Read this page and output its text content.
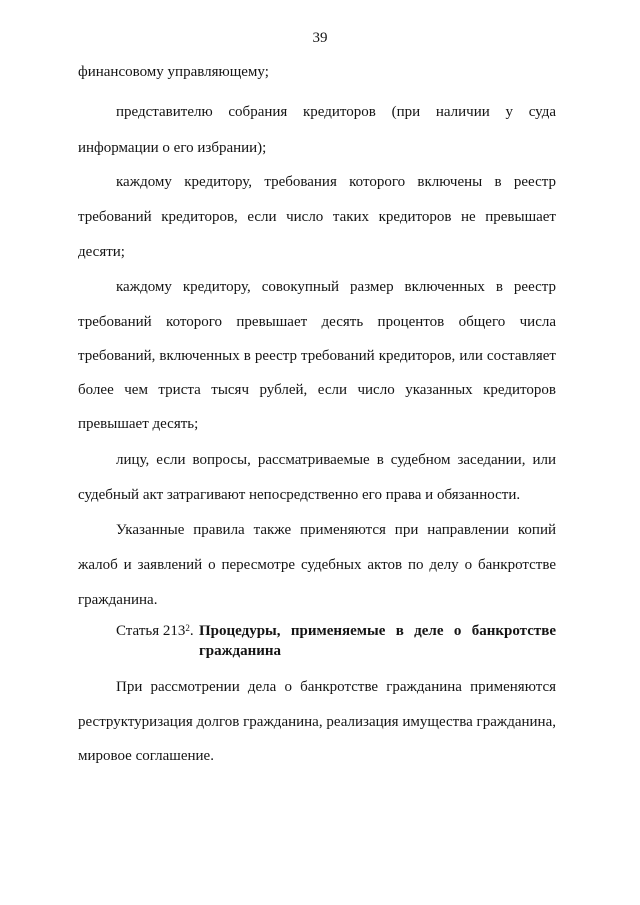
39
финансовому управляющему;
представителю собрания кредиторов (при наличии у суда
информации о его избрании);
каждому кредитору, требования которого включены в реестр
требований кредиторов, если число таких кредиторов не превышает
десяти;
каждому кредитору, совокупный размер включенных в реестр
требований которого превышает десять процентов общего числа
требований, включенных в реестр требований кредиторов, или составляет
более чем триста тысяч рублей, если число указанных кредиторов
превышает десять;
лицу, если вопросы, рассматриваемые в судебном заседании, или
судебный акт затрагивают непосредственно его права и обязанности.
Указанные правила также применяются при направлении копий
жалоб и заявлений о пересмотре судебных актов по делу о банкротстве
гражданина.
Статья $213^2$. Процедуры, применяемые в деле о банкротстве
гражданина
При рассмотрении дела о банкротстве гражданина применяются
реструктуризация долгов гражданина, реализация имущества гражданина,
мировое соглашение.
